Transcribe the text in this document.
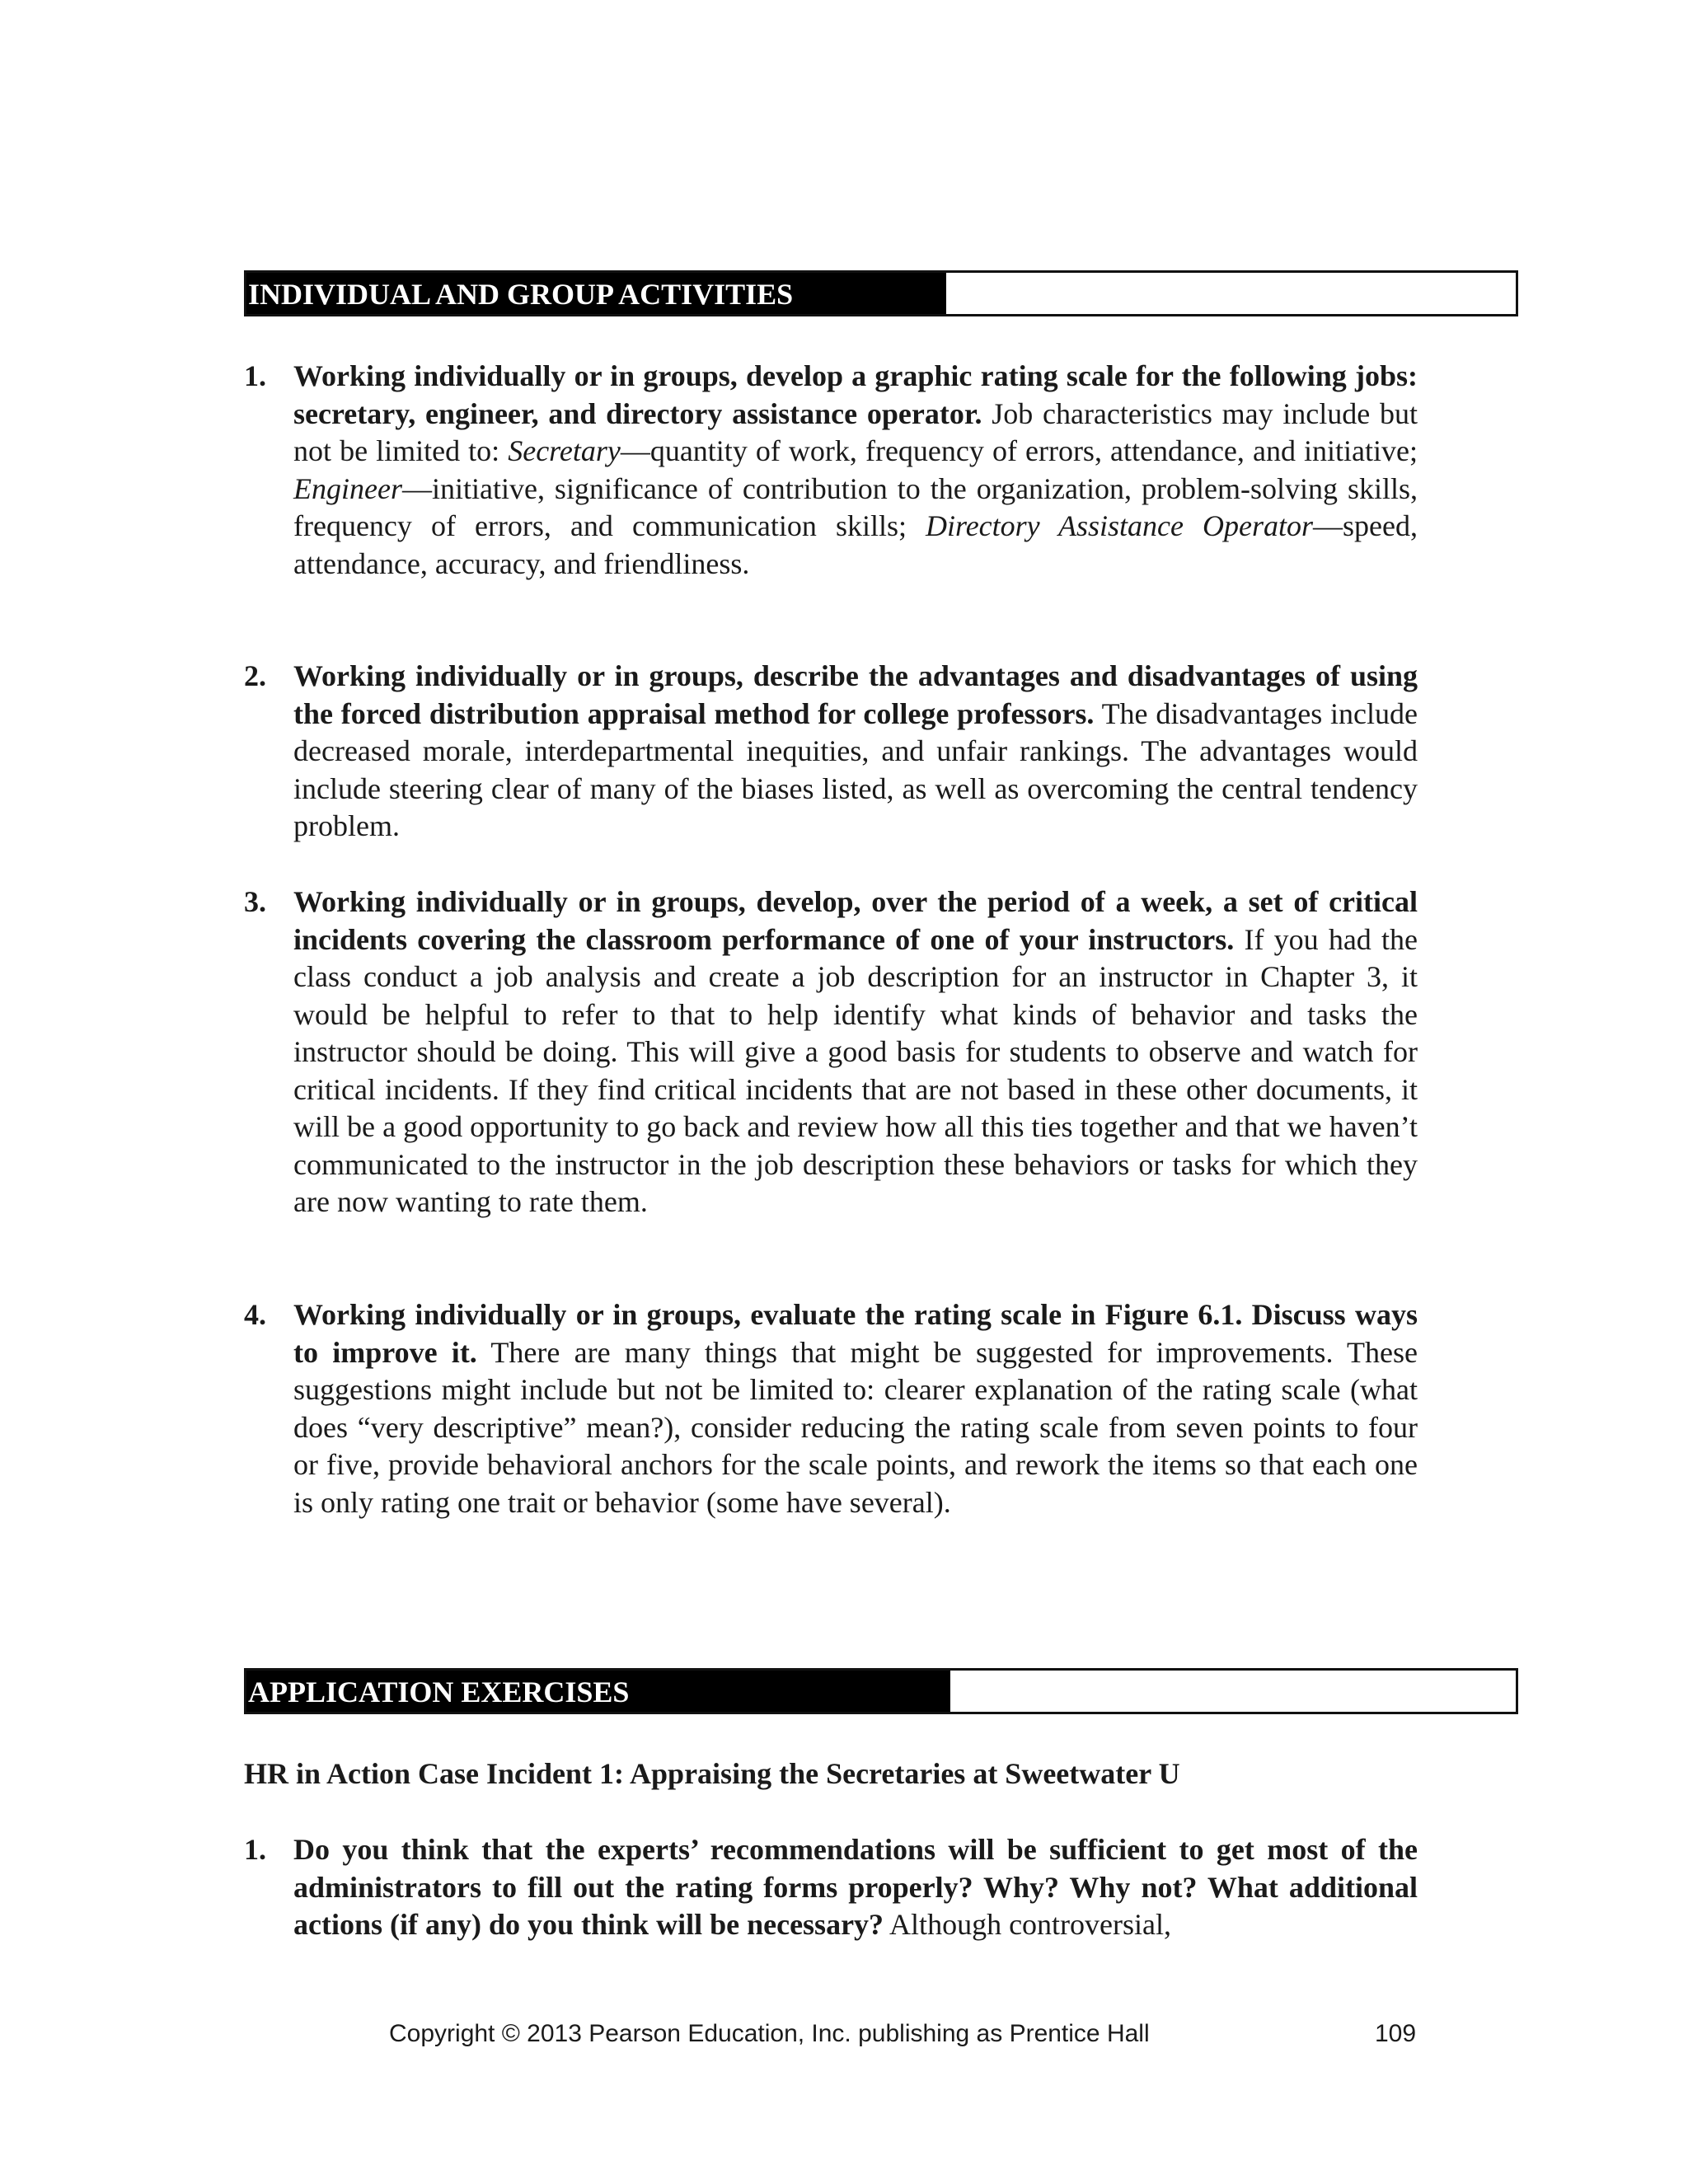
INDIVIDUAL AND GROUP ACTIVITIES
1. Working individually or in groups, develop a graphic rating scale for the following jobs: secretary, engineer, and directory assistance operator. Job characteristics may include but not be limited to: Secretary—quantity of work, frequency of errors, attendance, and initiative; Engineer—initiative, significance of contribution to the organization, problem-solving skills, frequency of errors, and communication skills; Directory Assistance Operator—speed, attendance, accuracy, and friendliness.
2. Working individually or in groups, describe the advantages and disadvantages of using the forced distribution appraisal method for college professors. The disadvantages include decreased morale, interdepartmental inequities, and unfair rankings. The advantages would include steering clear of many of the biases listed, as well as overcoming the central tendency problem.
3. Working individually or in groups, develop, over the period of a week, a set of critical incidents covering the classroom performance of one of your instructors. If you had the class conduct a job analysis and create a job description for an instructor in Chapter 3, it would be helpful to refer to that to help identify what kinds of behavior and tasks the instructor should be doing. This will give a good basis for students to observe and watch for critical incidents. If they find critical incidents that are not based in these other documents, it will be a good opportunity to go back and review how all this ties together and that we haven’t communicated to the instructor in the job description these behaviors or tasks for which they are now wanting to rate them.
4. Working individually or in groups, evaluate the rating scale in Figure 6.1. Discuss ways to improve it. There are many things that might be suggested for improvements. These suggestions might include but not be limited to: clearer explanation of the rating scale (what does “very descriptive” mean?), consider reducing the rating scale from seven points to four or five, provide behavioral anchors for the scale points, and rework the items so that each one is only rating one trait or behavior (some have several).
APPLICATION EXERCISES
HR in Action Case Incident 1: Appraising the Secretaries at Sweetwater U
1. Do you think that the experts’ recommendations will be sufficient to get most of the administrators to fill out the rating forms properly? Why? Why not? What additional actions (if any) do you think will be necessary? Although controversial,
Copyright © 2013 Pearson Education, Inc. publishing as Prentice Hall	109
